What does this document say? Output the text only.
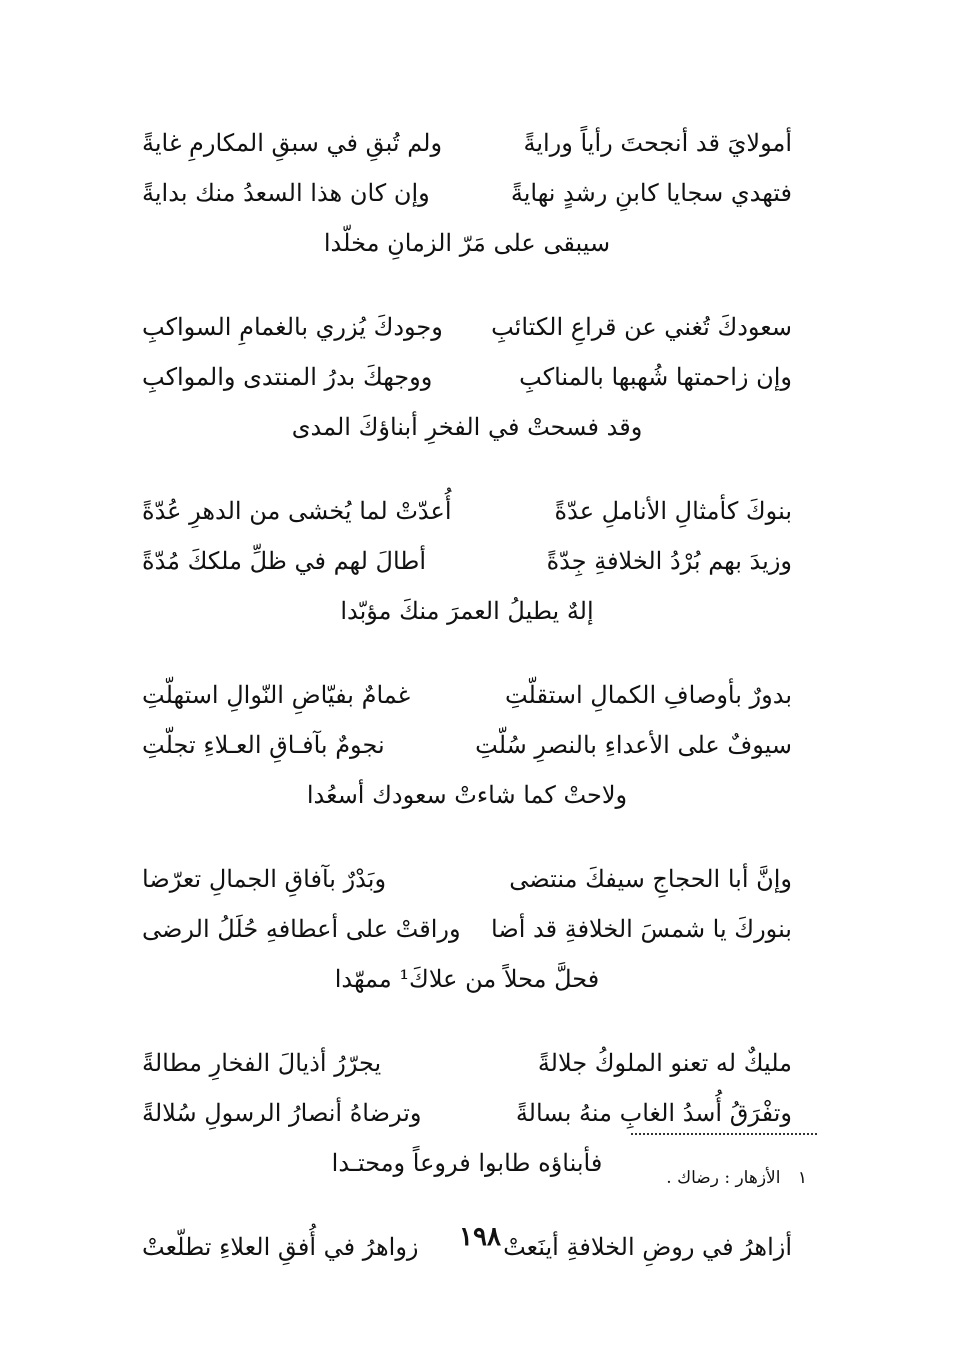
أمولايَ قد أنجحتَ رأياً ورايةً
ولم تُبقِ في سبقِ المكارمِ غايةً
فتهدي سجايا كابنِ رشدٍ نهايةً
وإن كان هذا السعدُ منك بدايةً
سيبقى على مَرّ الزمانِ مخلّدا
سعودكَ تُغني عن قراعِ الكتائبِ
وجودكَ يُزري بالغمامِ السواكبِ
وإن زاحمتها شُهبها بالمناكبِ
ووجهكَ بدرُ المنتدى والمواكبِ
وقد فسحتْ في الفخرِ أبناؤكَ المدى
بنوكَ كأمثالِ الأناملِ عدّةً
أُعدّتْ لما يُخشى من الدهرِ عُدّةً
وزيدَ بهم بُرْدُ الخلافةِ جِدّةً
أطالَ لهم في ظلِّ ملككَ مُدّةً
إلهٌ يطيلُ العمرَ منكَ مؤبّدا
بدورٌ بأوصافِ الكمالِ استقلّتِ
غمامٌ بفيّاضِ النّوالِ استهلّتِ
سيوفٌ على الأعداءِ بالنصرِ سُلّتِ
نجومٌ بآفـاقِ العـلاءِ تجلّتِ
ولاحتْ كما شاءتْ سعودك أسعُدا
وإنَّ أبا الحجاجِ سيفكَ منتضى
وبَدْرٌ بآفاقِ الجمالِ تعرّضا
بنوركَ يا شمسَ الخلافةِ قد أضا
وراقتْ على أعطافهِ حُلَلُ الرضى
فحلَّ محلاً من علاكَ¹ ممهّدا
مليكٌ له تعنو الملوكُ جلالةً
يجرّرُ أذيالَ الفخارِ مطالةً
وتفْرَقُ أُسدُ الغابِ منهُ بسالةً
وترضاهُ أنصارُ الرسولِ سُلالةً
فأبناؤه طابوا فروعاً ومحتـدا
أزاهرُ في روضِ الخلافةِ أينَعتْ
زواهرُ في أُفقِ العلاءِ تطلّعتْ
١ الأزهار : رضاك .
١٩٨
